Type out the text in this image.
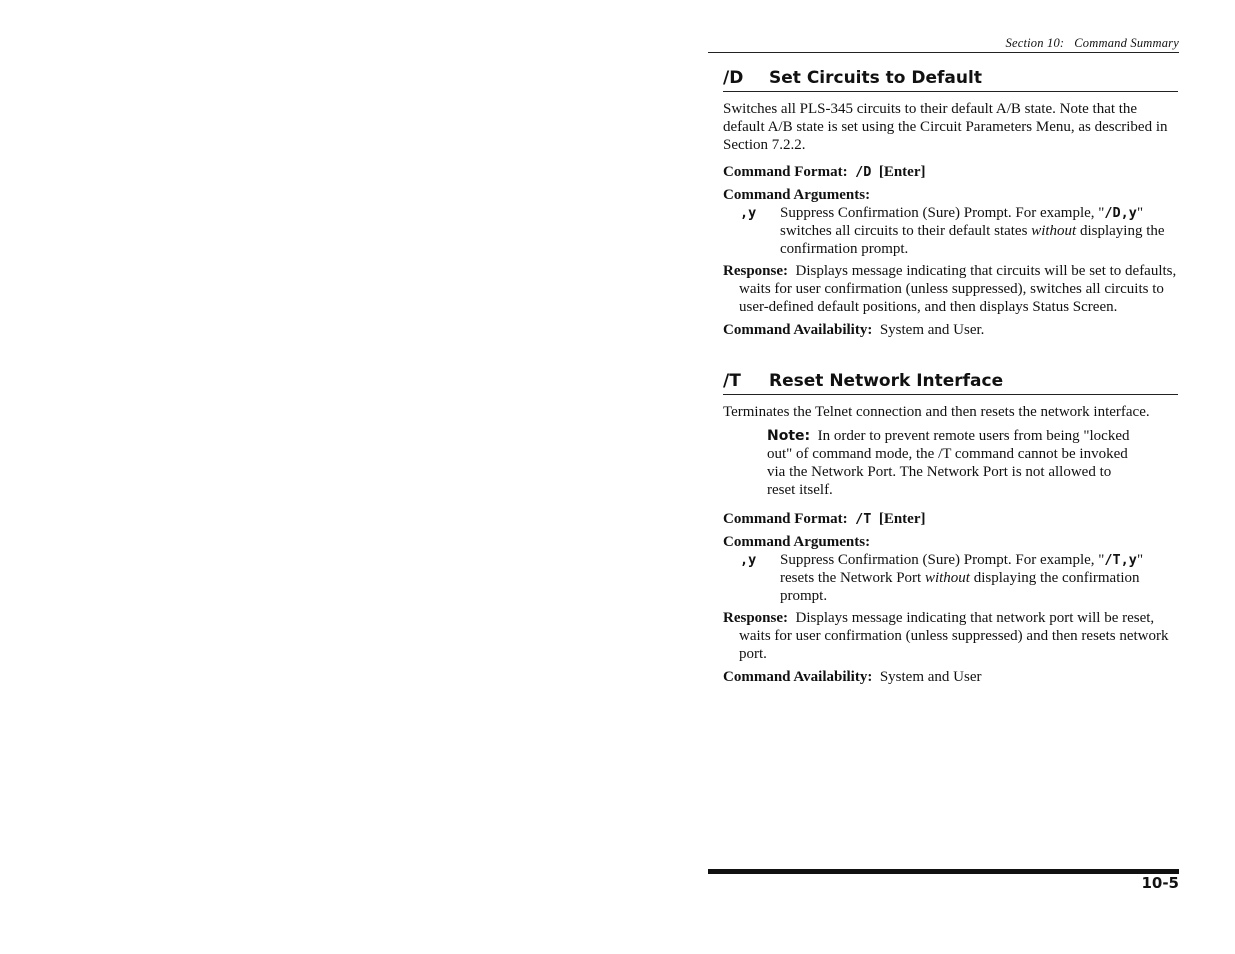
Section 10:   Command Summary
/D Set Circuits to Default

Switches all PLS-345 circuits to their default A/B state. Note that the default A/B state is set using the Circuit Parameters Menu, as described in Section 7.2.2.

Command Format: /D [Enter]

Command Arguments:

,y	Suppress Confirmation (Sure) Prompt. For example, "/D,y" switches all circuits to their default states without displaying the confirmation prompt.

Response: Displays message indicating that circuits will be set to defaults, waits for user confirmation (unless suppressed), switches all circuits to user-defined default positions, and then displays Status Screen.

Command Availability: System and User.

/T Reset Network Interface

Terminates the Telnet connection and then resets the network interface.

Note: In order to prevent remote users from being "locked out" of command mode, the /T command cannot be invoked via the Network Port. The Network Port is not allowed to reset itself.

Command Format: /T [Enter]

Command Arguments:

,y	Suppress Confirmation (Sure) Prompt. For example, "/T,y" resets the Network Port without displaying the confirmation prompt.

Response: Displays message indicating that network port will be reset, waits for user confirmation (unless suppressed) and then resets network port.

Command Availability: System and User

10-5
